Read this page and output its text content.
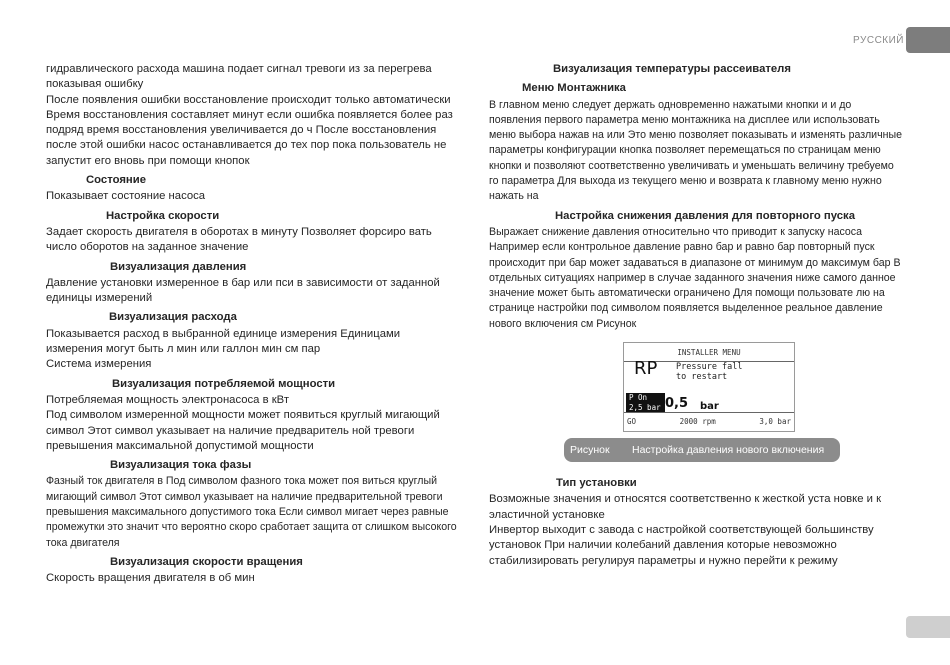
РУССКИЙ

гидравлического расхода машина подает сигнал тревоги из за перегрева показывая ошибку

После появления ошибки восстановление происходит только автоматически Время восстановления составляет минут если ошибка появляется более раз подряд время восстановления увеличивается до ч После восстановления после этой ошибки насос останавливается до тех пор пока пользователь не запустит его вновь при помощи кнопок

Состояние

Показывает состояние насоса

Настройка скорости

Задает скорость двигателя в оборотах в минуту Позволяет форсиро вать число оборотов на заданное значение

Визуализация давления

Давление установки измеренное в бар или пси в зависимости от заданной единицы измерений

Визуализация расхода

Показывается расход в выбранной единице измерения Единицами измерения могут быть л мин или галлон мин см пар

Система измерения

Визуализация потребляемой мощности

Потребляемая мощность электронасоса в кВт

Под символом измеренной мощности может появиться круглый мигающий символ Этот символ указывает на наличие предваритель ной тревоги превышения максимальной допустимой мощности

Визуализация тока фазы

Фазный ток двигателя в Под символом фазного тока может поя виться круглый мигающий символ Этот символ указывает на наличие предварительной тревоги превышения максимального допустимого тока Если символ мигает через равные промежутки это значит что вероятно скоро сработает защита от слишком высокого тока двигателя

Визуализация скорости вращения

Скорость вращения двигателя в об мин

Визуализация температуры рассеивателя

Меню Монтажника

В главном меню следует держать одновременно нажатыми кнопки и и до появления первого параметра меню монтажника на дисплее или использовать меню выбора нажав на или Это меню позволяет показывать и изменять различные параметры конфигурации кнопка позволяет перемещаться по страницам меню кнопки и позволяют соответственно увеличивать и уменьшать величину требуемо го параметра Для выхода из текущего меню и возврата к главному меню нужно нажать на

Настройка снижения давления для повторного пуска

Выражает снижение давления относительно что приводит к запуску насоса Например если контрольное давление равно бар и равно бар повторный пуск происходит при бар может задаваться в диапазоне от минимум до максимум бар В отдельных ситуациях например в случае заданного значения ниже самого данное значение может быть автоматически ограничено Для помощи пользовате лю на странице настройки под символом появляется выделенное реальное давление нового включения см Рисунок

INSTALLER MENU
RP Pressure fall
to restart
P On
2,5 bar 0,5 bar
GO	2000 rpm	3,0 bar
Рисунок	Настройка давления нового включения

Тип установки

Возможные значения и относятся соответственно к жесткой уста новке и к эластичной установке

Инвертор выходит с завода с настройкой соответствующей большинству установок При наличии колебаний давления которые невозможно стабилизировать регулируя параметры и нужно перейти к режиму
